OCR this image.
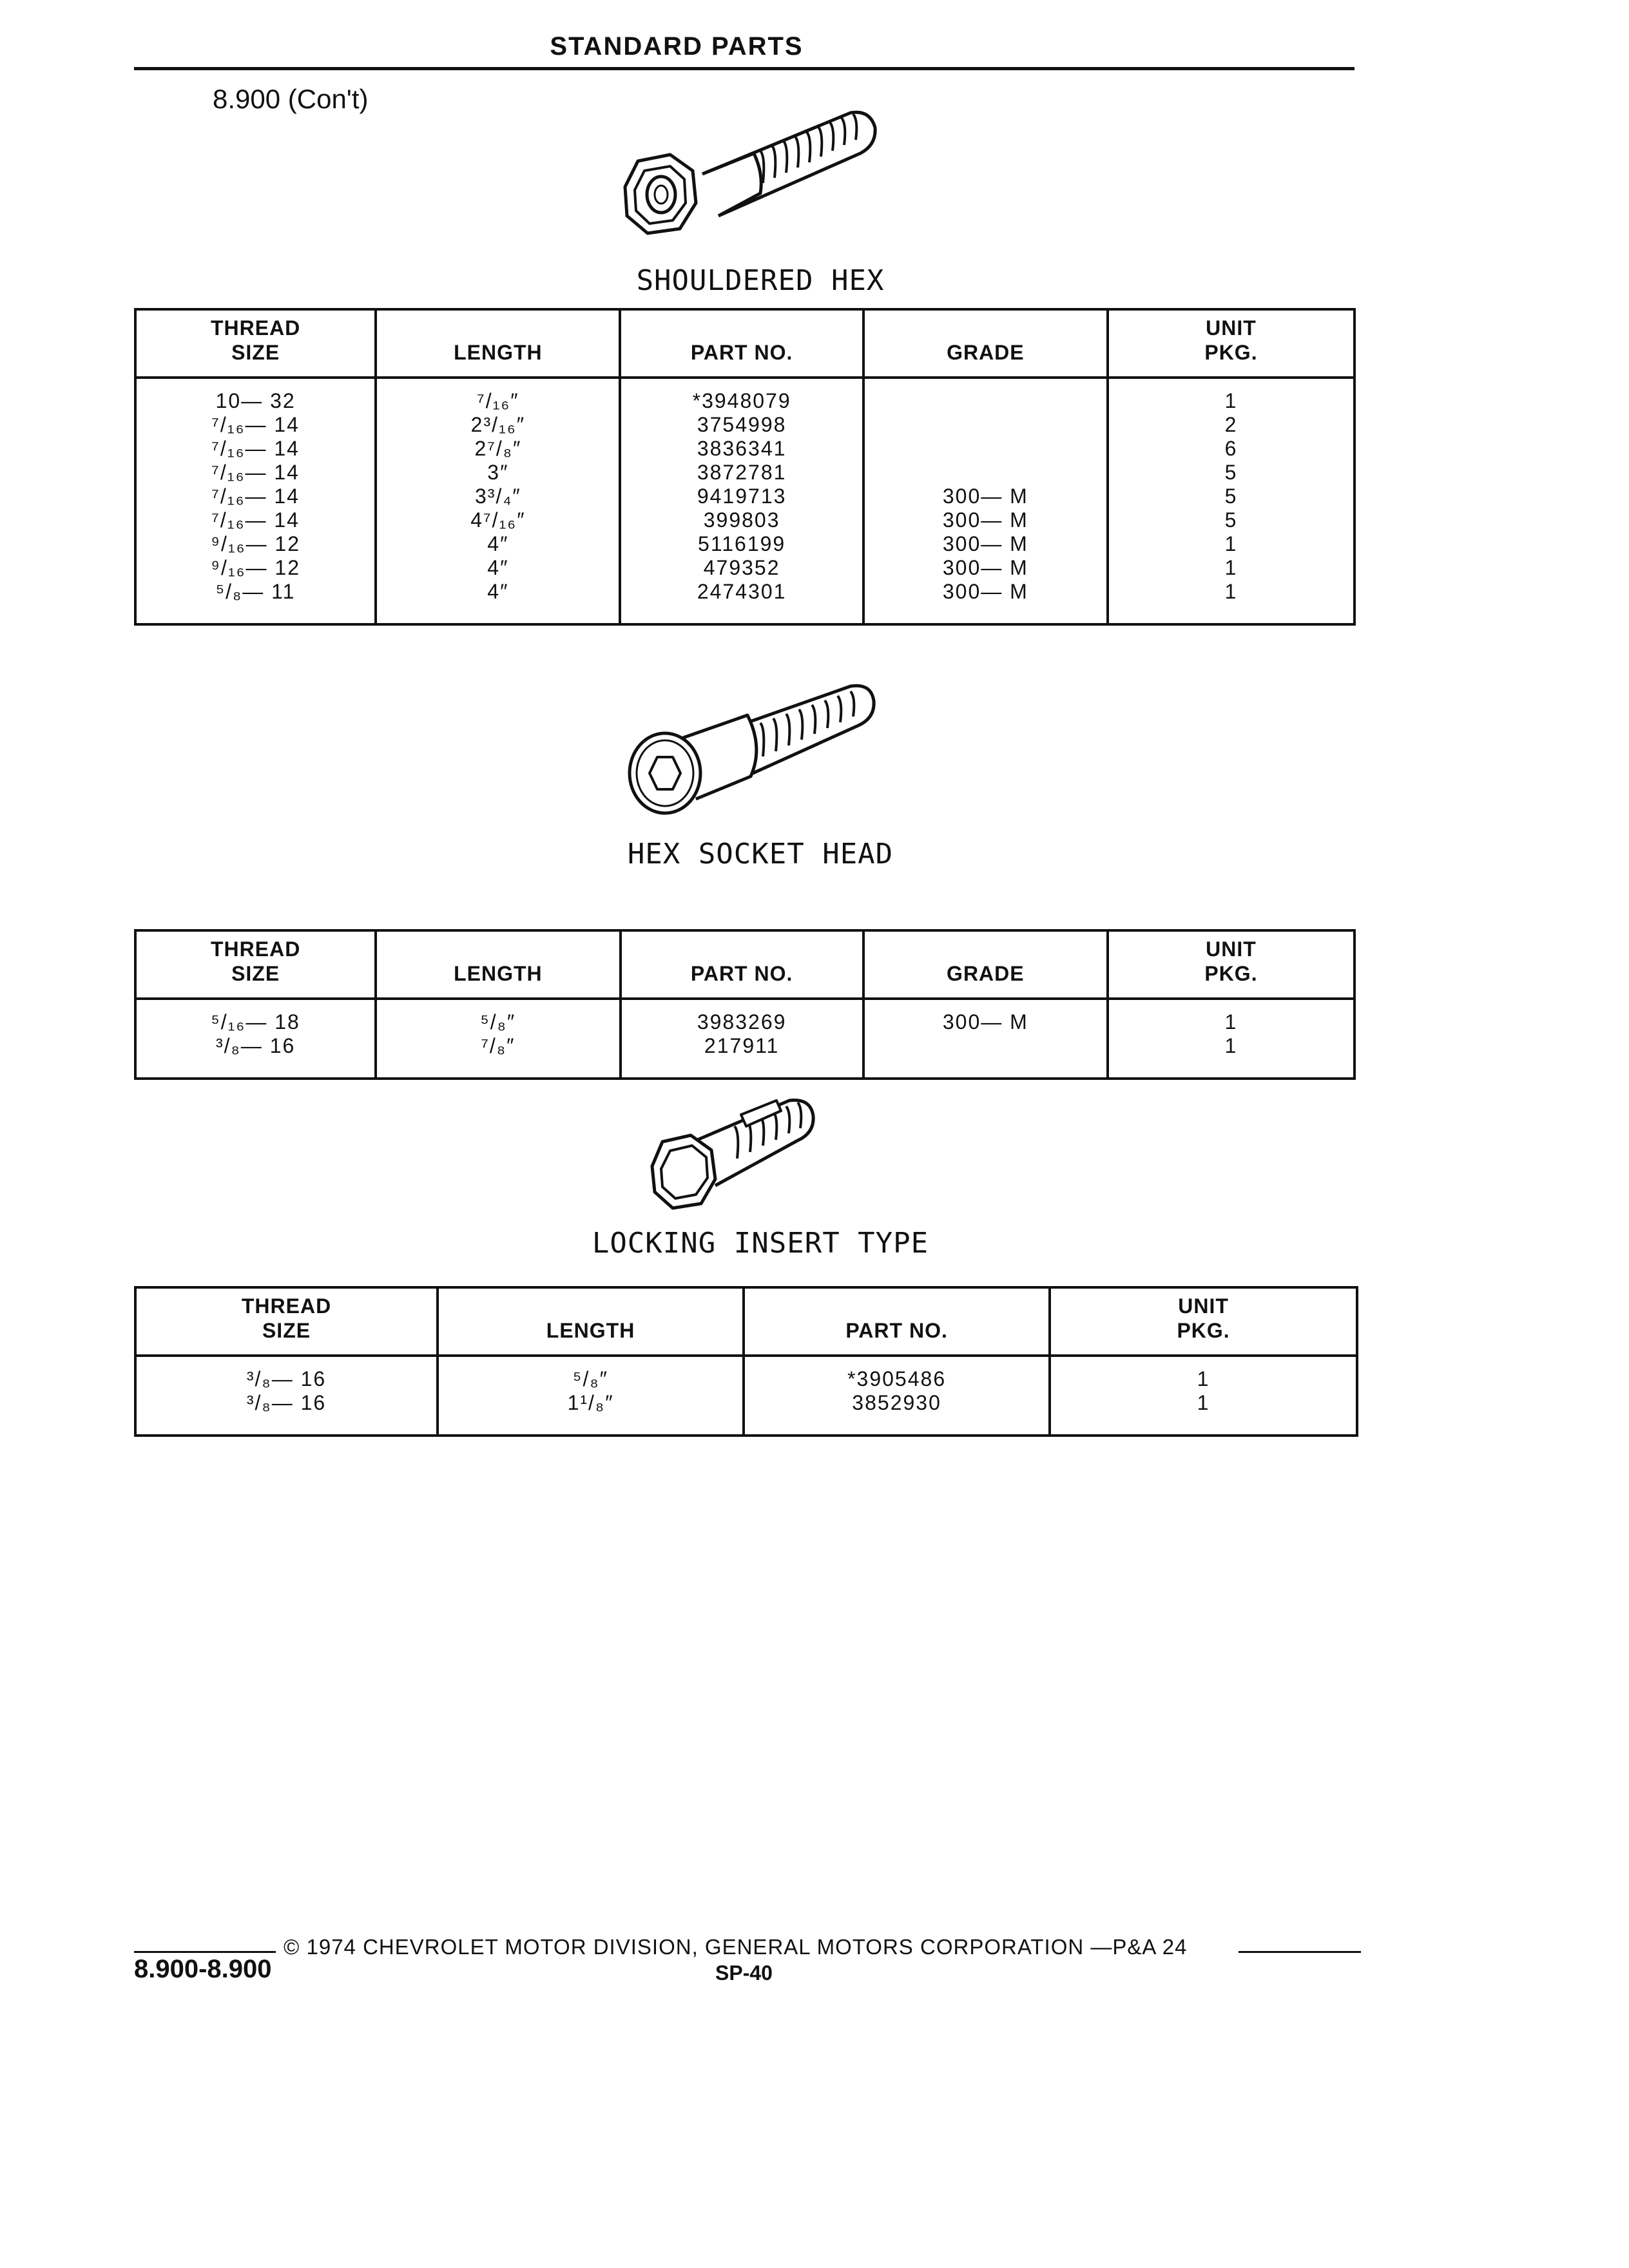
STANDARD PARTS
8.900 (Con't)
SHOULDERED HEX
THREAD
SIZE	LENGTH	PART NO.	GRADE	UNIT
PKG.
10— 32	⁷/₁₆″	*3948079		1
⁷/₁₆— 14	2³/₁₆″	3754998		2
⁷/₁₆— 14	2⁷/₈″	3836341		6
⁷/₁₆— 14	3″	3872781		5
⁷/₁₆— 14	3³/₄″	9419713	300— M	5
⁷/₁₆— 14	4⁷/₁₆″	399803	300— M	5
⁹/₁₆— 12	4″	5116199	300— M	1
⁹/₁₆— 12	4″	479352	300— M	1
⁵/₈— 11	4″	2474301	300— M	1
HEX SOCKET HEAD
THREAD
SIZE	LENGTH	PART NO.	GRADE	UNIT
PKG.
⁵/₁₆— 18	⁵/₈″	3983269	300— M	1
³/₈— 16	⁷/₈″	217911		1
LOCKING INSERT TYPE
THREAD
SIZE	LENGTH	PART NO.	UNIT
PKG.
³/₈— 16	⁵/₈″	*3905486	1
³/₈— 16	1¹/₈″	3852930	1
© 1974 CHEVROLET MOTOR DIVISION, GENERAL MOTORS CORPORATION —P&A 24
8.900-8.900	SP-40
